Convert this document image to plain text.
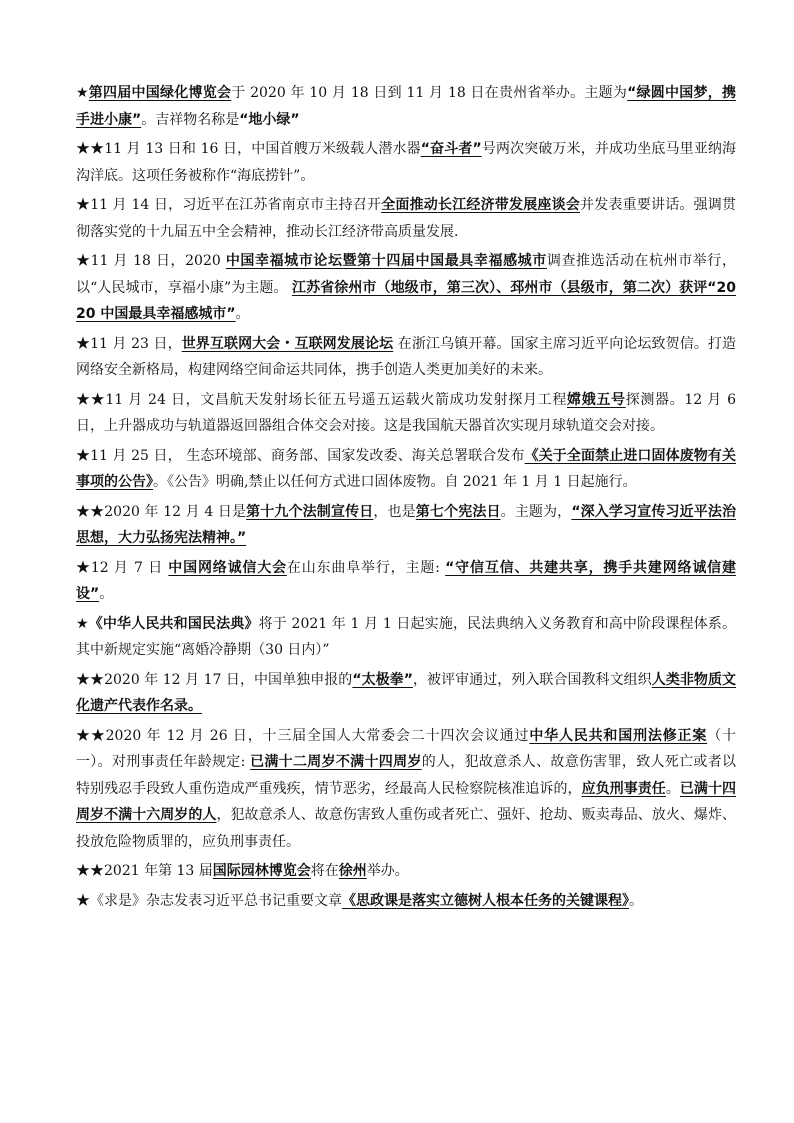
★第四届中国绿化博览会于 2020 年 10 月 18 日到 11 月 18 日在贵州省举办。主题为“绿圆中国梦，携手进小康”。吉祥物名称是“地小绿”

★★11 月 13 日和 16 日，中国首艘万米级载人潜水器“奋斗者”号两次突破万米，并成功坐底马里亚纳海沟洋底。这项任务被称作“海底捞针”。

★11 月 14 日，习近平在江苏省南京市主持召开全面推动长江经济带发展座谈会并发表重要讲话。强调贯彻落实党的十九届五中全会精神，推动长江经济带高质量发展.

★11 月 18 日，2020 中国幸福城市论坛暨第十四届中国最具幸福感城市调查推选活动在杭州市举行，以“人民城市，享福小康”为主题。 江苏省徐州市（地级市，第三次）、邳州市（县级市，第二次）获评“2020 中国最具幸福感城市”。

★11 月 23 日，世界互联网大会・互联网发展论坛 在浙江乌镇开幕。国家主席习近平向论坛致贺信。打造网络安全新格局，构建网络空间命运共同体，携手创造人类更加美好的未来。

★★11 月 24 日，文昌航天发射场长征五号遥五运载火箭成功发射探月工程嫦娥五号探测器。12 月 6 日，上升器成功与轨道器返回器组合体交会对接。这是我国航天器首次实现月球轨道交会对接。

★11 月 25 日， 生态环境部、商务部、国家发改委、海关总署联合发布《关于全面禁止进口固体废物有关事项的公告》。《公告》明确,禁止以任何方式进口固体废物。自 2021 年 1 月 1 日起施行。

★★2020 年 12 月 4 日是第十九个法制宣传日，也是第七个宪法日。主题为，“深入学习宣传习近平法治思想，大力弘扬宪法精神。”

★12 月 7 日 中国网络诚信大会在山东曲阜举行，主题: “守信互信、共建共享，携手共建网络诚信建设”。

★《中华人民共和国民法典》将于 2021 年 1 月 1 日起实施，民法典纳入义务教育和高中阶段课程体系。其中新规定实施“离婚冷静期（30 日内）”

★★2020 年 12 月 17 日，中国单独申报的“太极拳”，被评审通过，列入联合国教科文组织人类非物质文化遗产代表作名录。

★★2020 年 12 月 26 日，十三届全国人大常委会二十四次会议通过中华人民共和国刑法修正案（十一）。对刑事责任年龄规定: 已满十二周岁不满十四周岁的人，犯故意杀人、故意伤害罪，致人死亡或者以特别残忍手段致人重伤造成严重残疾，情节恶劣，经最高人民检察院核准追诉的，应负刑事责任。已满十四周岁不满十六周岁的人，犯故意杀人、故意伤害致人重伤或者死亡、强奸、抢劫、贩卖毒品、放火、爆炸、投放危险物质罪的，应负刑事责任。

★★2021 年第 13 届国际园林博览会将在徐州举办。

★《求是》杂志发表习近平总书记重要文章《思政课是落实立德树人根本任务的关键课程》。
